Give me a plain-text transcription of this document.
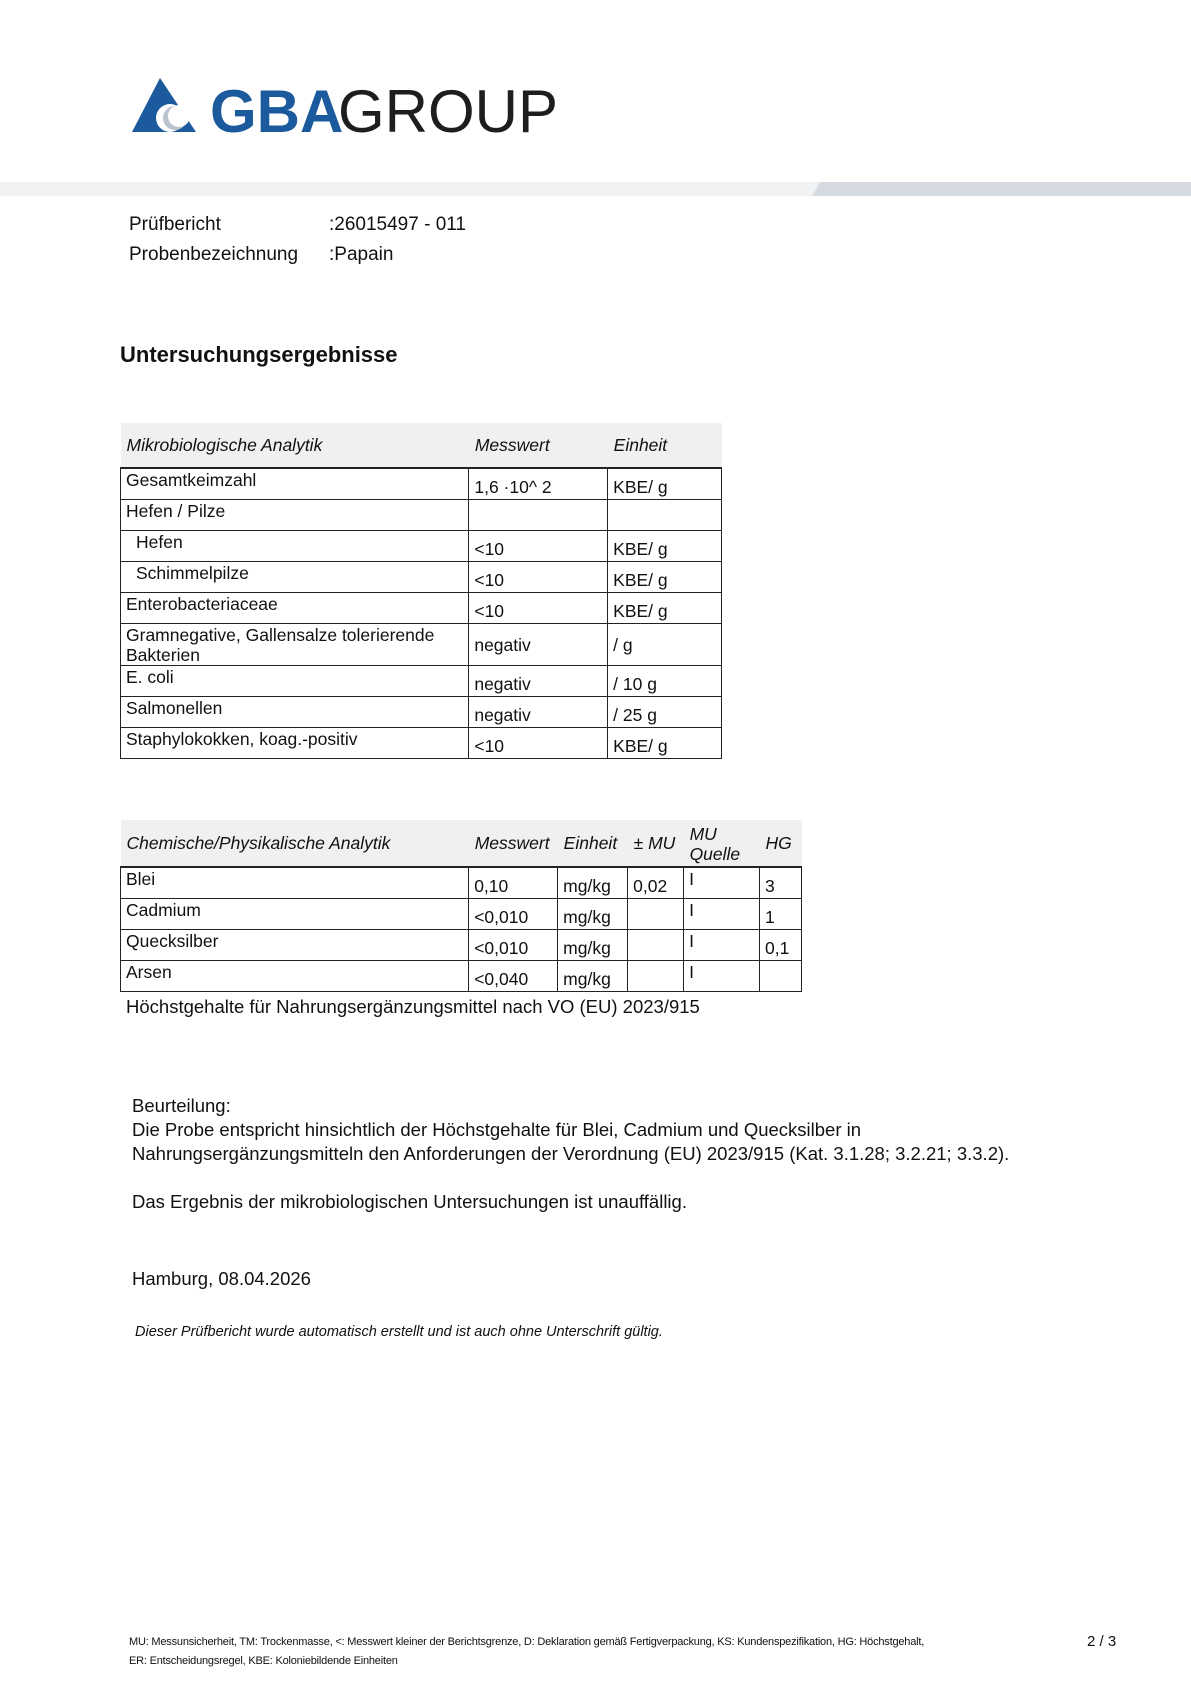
GBA
GROUP
Prüfbericht	:26015497 - 011
Probenbezeichnung :Papain
Untersuchungsergebnisse
Mikrobiologische Analytik	Messwert	Einheit
Gesamtkeimzahl	1,6 ·10^ 2	KBE/ g
Hefen / Pilze		
Hefen	<10	KBE/ g
Schimmelpilze	<10	KBE/ g
Enterobacteriaceae	<10	KBE/ g
Gramnegative, Gallensalze tolerierende Bakterien	negativ	/ g
E. coli	negativ	/ 10 g
Salmonellen	negativ	/ 25 g
Staphylokokken, koag.-positiv	<10	KBE/ g
Chemische/Physikalische Analytik	Messwert	Einheit	± MU	MU Quelle	HG
Blei	0,10	mg/kg	0,02	I	3
Cadmium	<0,010	mg/kg		I	1
Quecksilber	<0,010	mg/kg		I	0,1
Arsen	<0,040	mg/kg		I	
Höchstgehalte für Nahrungsergänzungsmittel nach VO (EU) 2023/915

Beurteilung:

Die Probe entspricht hinsichtlich der Höchstgehalte für Blei, Cadmium und Quecksilber in

Nahrungsergänzungsmitteln den Anforderungen der Verordnung (EU) 2023/915 (Kat. 3.1.28; 3.2.21; 3.3.2).

Das Ergebnis der mikrobiologischen Untersuchungen ist unauffällig.

Hamburg, 08.04.2026
Dieser Prüfbericht wurde automatisch erstellt und ist auch ohne Unterschrift gültig.
MU: Messunsicherheit, TM: Trockenmasse, <: Messwert kleiner der Berichtsgrenze, D: Deklaration gemäß Fertigverpackung, KS: Kundenspezifikation, HG: Höchstgehalt,
ER: Entscheidungsregel, KBE: Koloniebildende Einheiten
2 / 3
